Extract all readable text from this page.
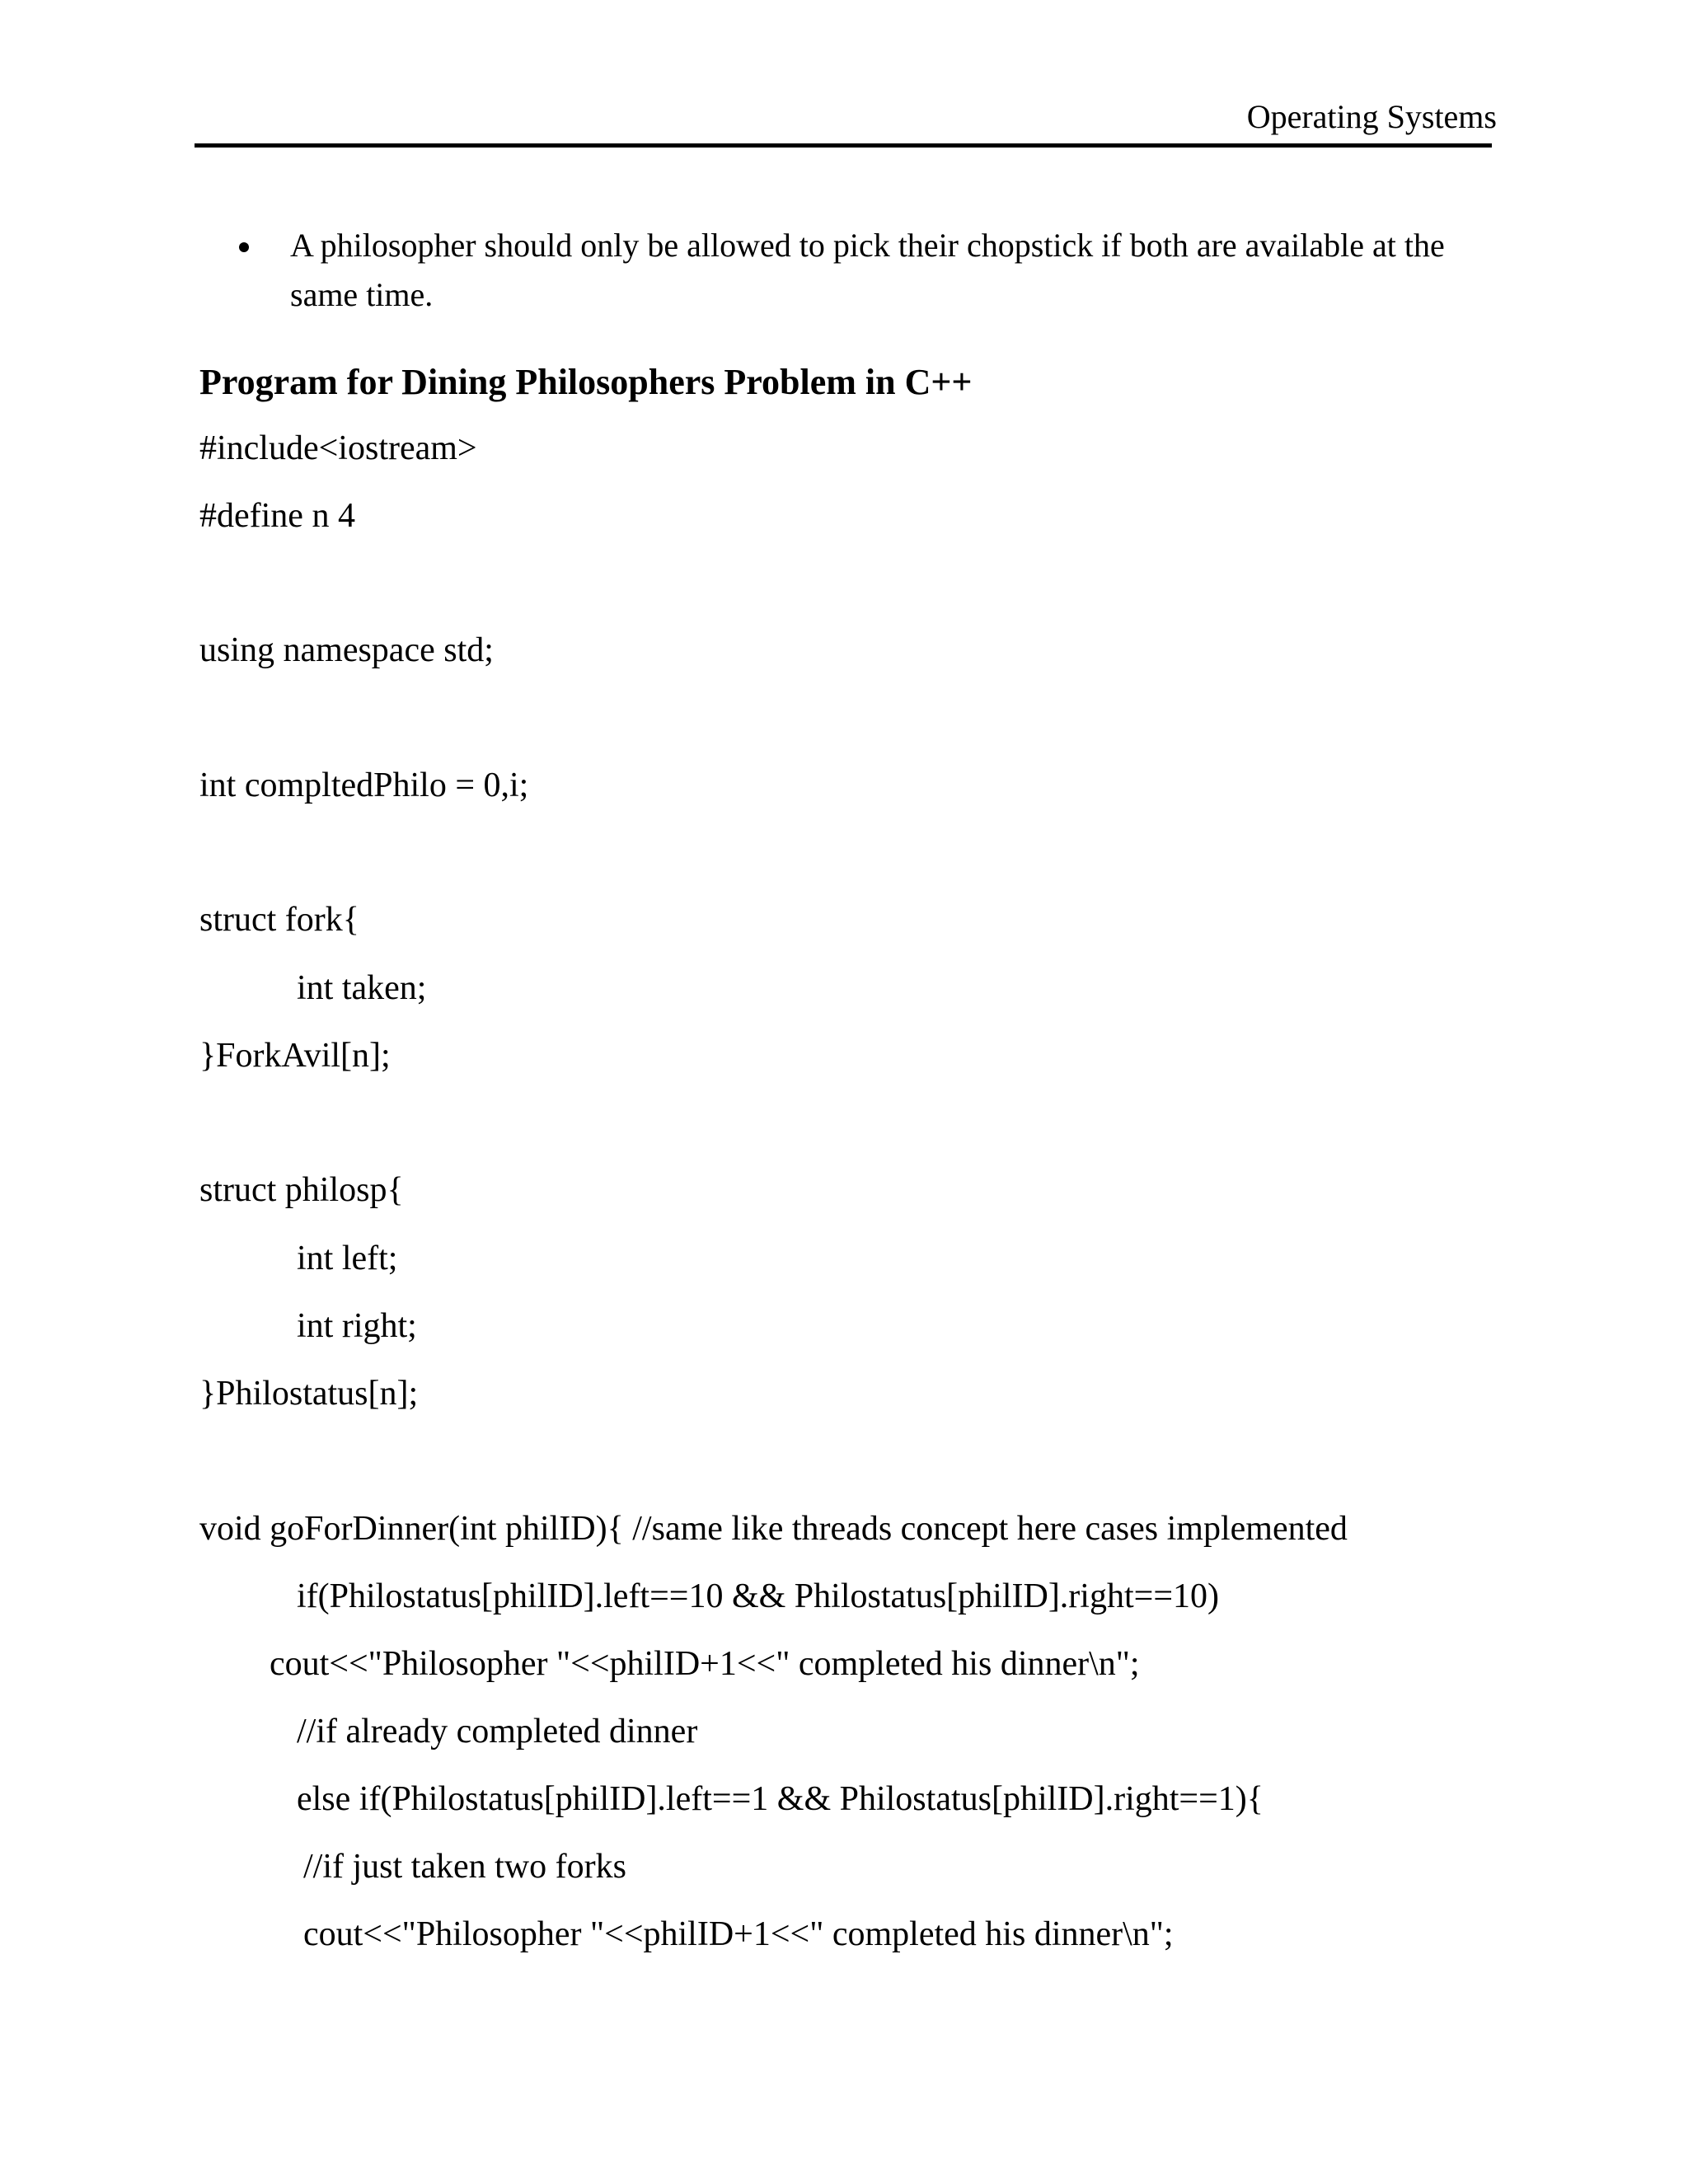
Operating Systems
A philosopher should only be allowed to pick their chopstick if both are available at the same time.
Program for Dining Philosophers Problem in C++
#include<iostream>
#define n 4
using namespace std;
int compltedPhilo = 0,i;
struct fork{
int taken;
}ForkAvil[n];
struct philosp{
int left;
int right;
}Philostatus[n];
void goForDinner(int philID){ //same like threads concept here cases implemented
if(Philostatus[philID].left==10 && Philostatus[philID].right==10)
cout<<"Philosopher "<<philID+1<<" completed his dinner\n";
//if already completed dinner
else if(Philostatus[philID].left==1 && Philostatus[philID].right==1){
//if just taken two forks
cout<<"Philosopher "<<philID+1<<" completed his dinner\n";
